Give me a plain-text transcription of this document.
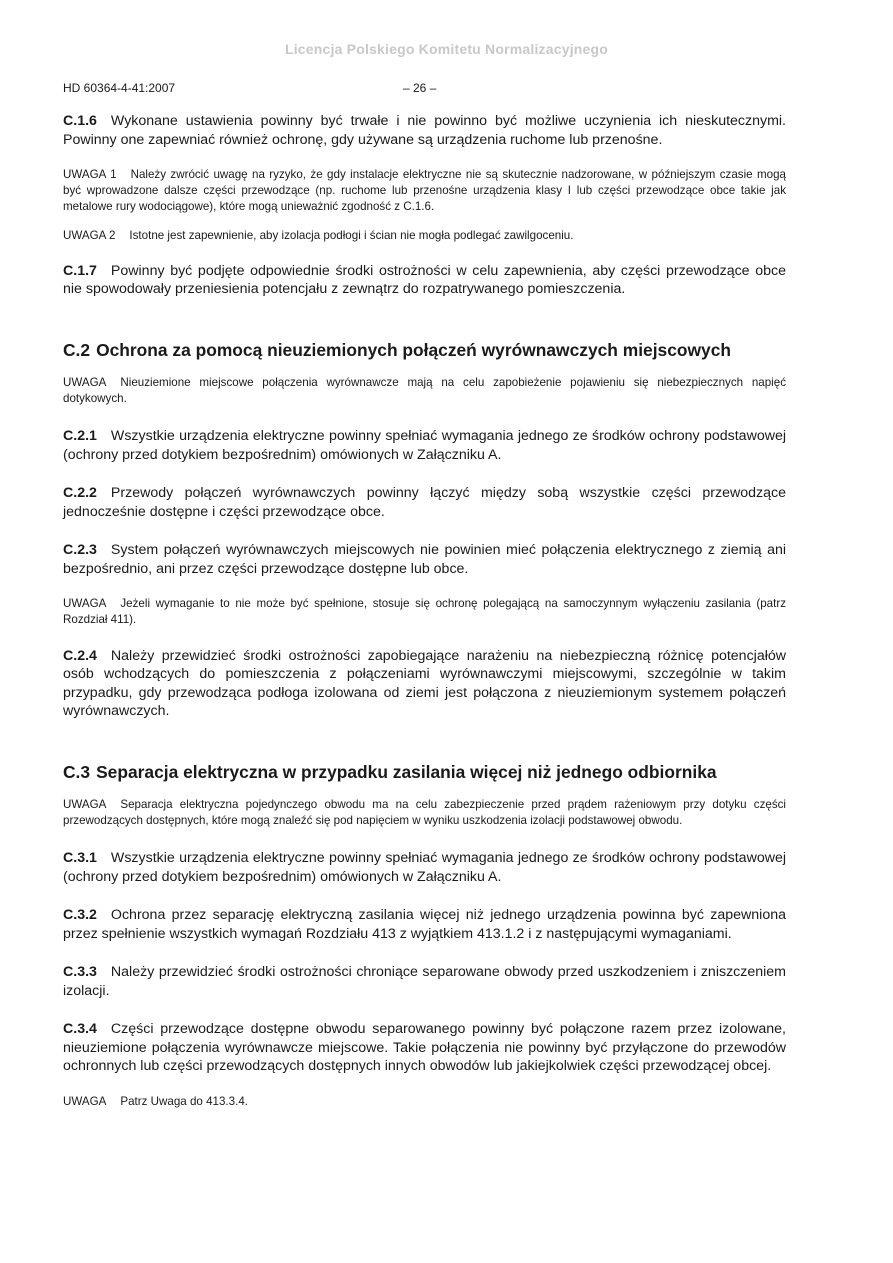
Licencja Polskiego Komitetu Normalizacyjnego
HD 60364-4-41:2007	– 26 –

C.1.6 Wykonane ustawienia powinny być trwałe i nie powinno być możliwe uczynienia ich nieskutecznymi. Powinny one zapewniać również ochronę, gdy używane są urządzenia ruchome lub przenośne.

UWAGA 1 Należy zwrócić uwagę na ryzyko, że gdy instalacje elektryczne nie są skutecznie nadzorowane, w późniejszym czasie mogą być wprowadzone dalsze części przewodzące (np. ruchome lub przenośne urządzenia klasy I lub części przewodzące obce takie jak metalowe rury wodociągowe), które mogą unieważnić zgodność z C.1.6.

UWAGA 2 Istotne jest zapewnienie, aby izolacja podłogi i ścian nie mogła podlegać zawilgoceniu.

C.1.7 Powinny być podjęte odpowiednie środki ostrożności w celu zapewnienia, aby części przewodzące obce nie spowodowały przeniesienia potencjału z zewnątrz do rozpatrywanego pomieszczenia.

C.2 Ochrona za pomocą nieuziemionych połączeń wyrównawczych miejscowych

UWAGA Nieuziemione miejscowe połączenia wyrównawcze mają na celu zapobieżenie pojawieniu się niebezpiecznych napięć dotykowych.

C.2.1 Wszystkie urządzenia elektryczne powinny spełniać wymagania jednego ze środków ochrony podstawowej (ochrony przed dotykiem bezpośrednim) omówionych w Załączniku A.

C.2.2 Przewody połączeń wyrównawczych powinny łączyć między sobą wszystkie części przewodzące jednocześnie dostępne i części przewodzące obce.

C.2.3 System połączeń wyrównawczych miejscowych nie powinien mieć połączenia elektrycznego z ziemią ani bezpośrednio, ani przez części przewodzące dostępne lub obce.

UWAGA Jeżeli wymaganie to nie może być spełnione, stosuje się ochronę polegającą na samoczynnym wyłączeniu zasilania (patrz Rozdział 411).

C.2.4 Należy przewidzieć środki ostrożności zapobiegające narażeniu na niebezpieczną różnicę potencjałów osób wchodzących do pomieszczenia z połączeniami wyrównawczymi miejscowymi, szczególnie w takim przypadku, gdy przewodząca podłoga izolowana od ziemi jest połączona z nieuziemionym systemem połączeń wyrównawczych.

C.3 Separacja elektryczna w przypadku zasilania więcej niż jednego odbiornika

UWAGA Separacja elektryczna pojedynczego obwodu ma na celu zabezpieczenie przed prądem rażeniowym przy dotyku części przewodzących dostępnych, które mogą znaleźć się pod napięciem w wyniku uszkodzenia izolacji podstawowej obwodu.

C.3.1 Wszystkie urządzenia elektryczne powinny spełniać wymagania jednego ze środków ochrony podstawowej (ochrony przed dotykiem bezpośrednim) omówionych w Załączniku A.

C.3.2 Ochrona przez separację elektryczną zasilania więcej niż jednego urządzenia powinna być zapewniona przez spełnienie wszystkich wymagań Rozdziału 413 z wyjątkiem 413.1.2 i z następującymi wymaganiami.

C.3.3 Należy przewidzieć środki ostrożności chroniące separowane obwody przed uszkodzeniem i zniszczeniem izolacji.

C.3.4 Części przewodzące dostępne obwodu separowanego powinny być połączone razem przez izolowane, nieuziemione połączenia wyrównawcze miejscowe. Takie połączenia nie powinny być przyłączone do przewodów ochronnych lub części przewodzących dostępnych innych obwodów lub jakiejkolwiek części przewodzącej obcej.

UWAGA Patrz Uwaga do 413.3.4.
